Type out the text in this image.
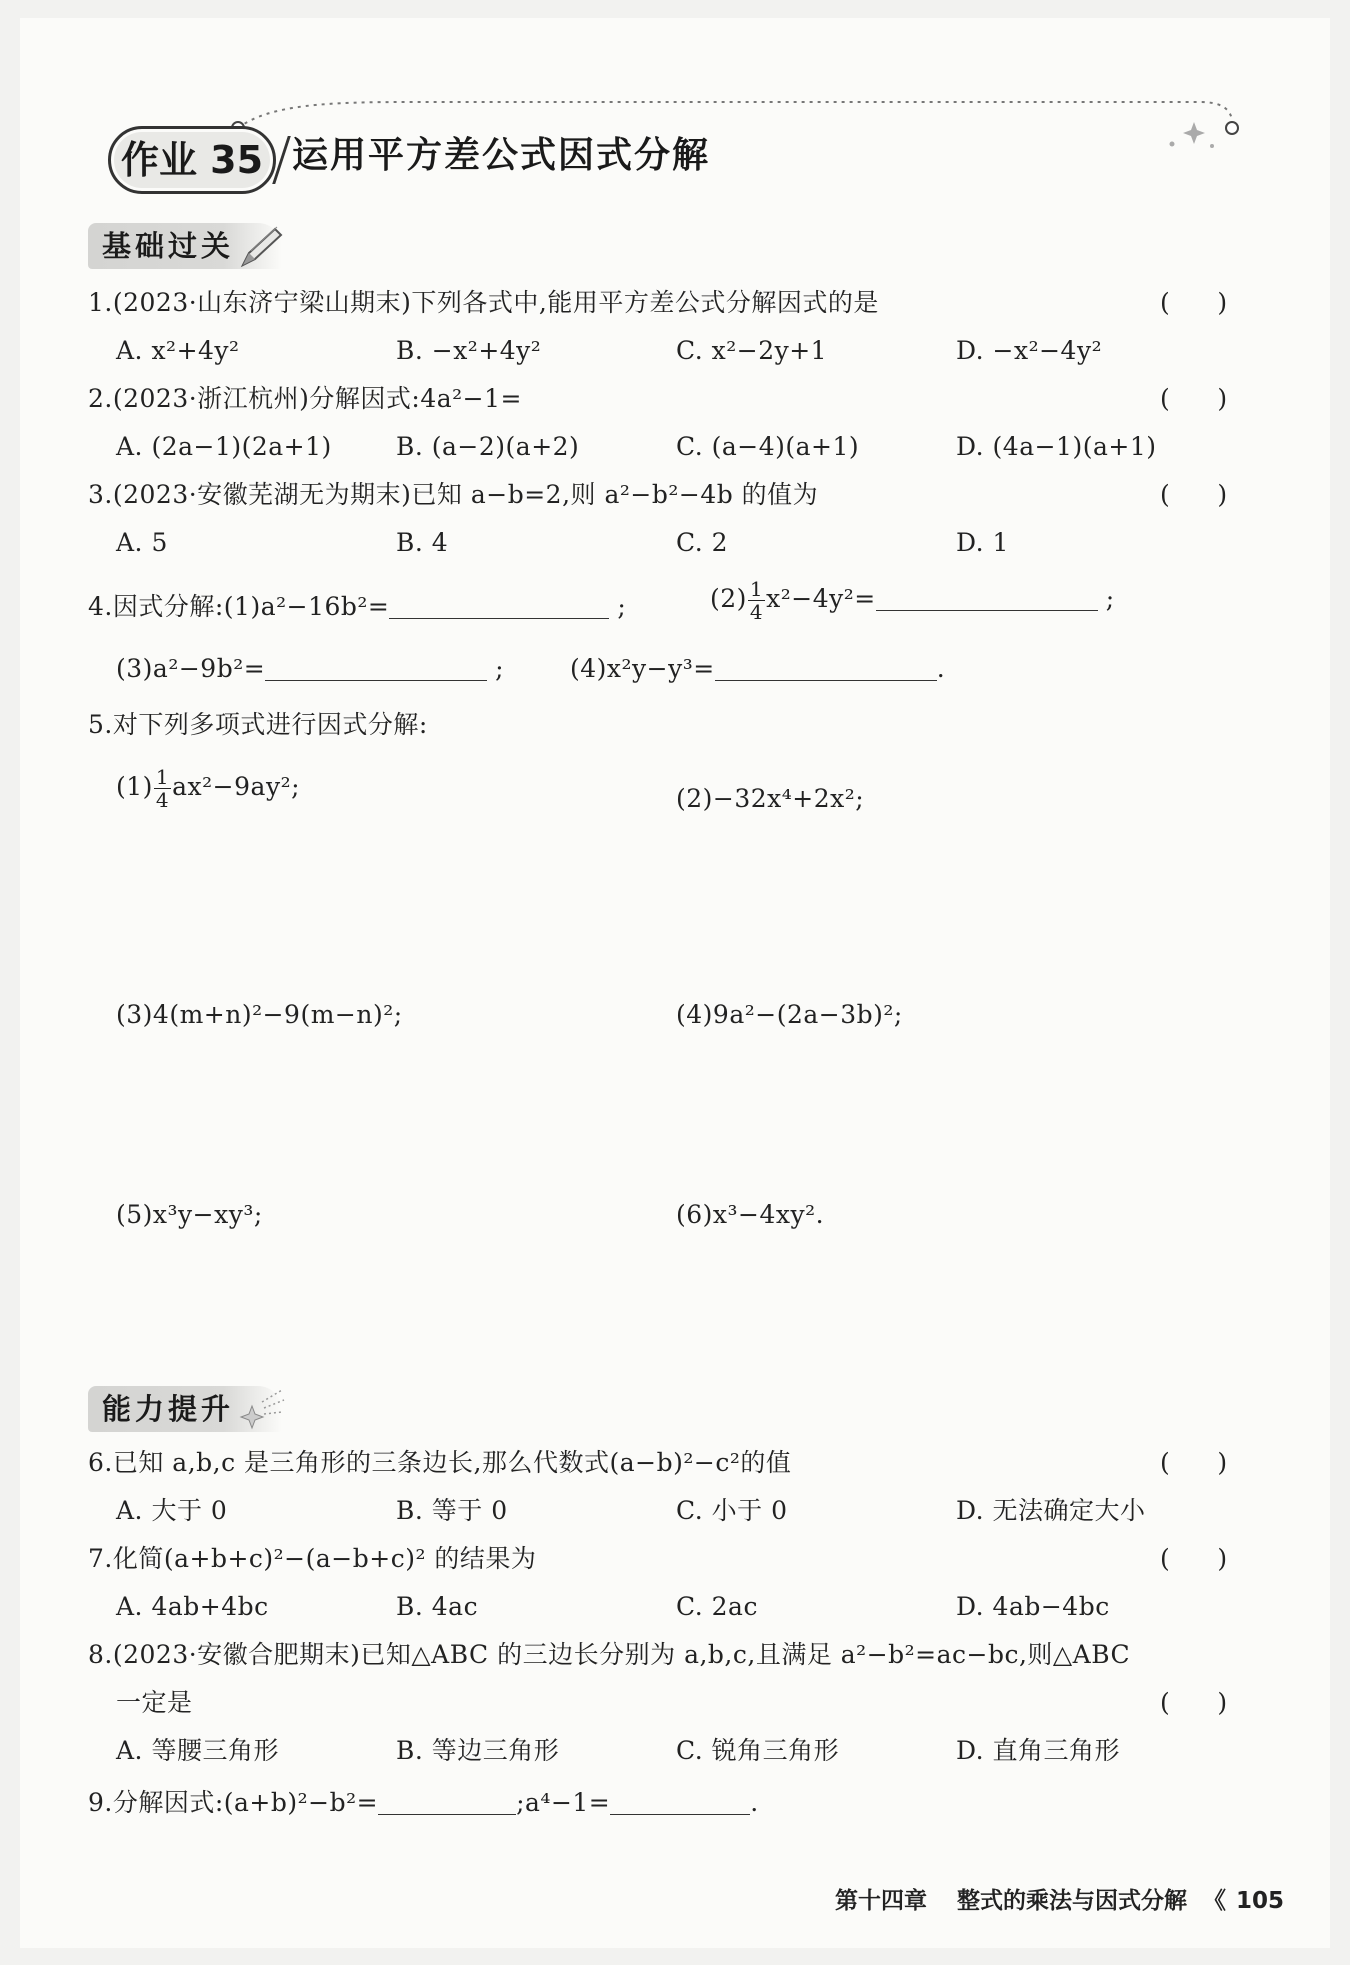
作业 35 运用平方差公式因式分解
基础过关
1.(2023·山东济宁梁山期末)下列各式中,能用平方差公式分解因式的是	(      )
A. x²+4y²	B. −x²+4y²	C. x²−2y+1	D. −x²−4y²
2.(2023·浙江杭州)分解因式:4a²−1=	(      )
A. (2a−1)(2a+1)	B. (a−2)(a+2)	C. (a−4)(a+1)	D. (4a−1)(a+1)
3.(2023·安徽芜湖无为期末)已知 a−b=2,则 a²−b²−4b 的值为	(      )
A. 5	B. 4	C. 2	D. 1
4.因式分解:(1)a²−16b²=	;	$(2) \frac{1}{4} x^2-4y^2=$	;
(3)a²−9b²=	;	(4)x²y−y³=	.
5.对下列多项式进行因式分解:
$(1) \frac{1}{4} ax^2-9ay^2$;	(2)−32x⁴+2x²;
(3)4(m+n)²−9(m−n)²;	(4)9a²−(2a−3b)²;
(5)x³y−xy³;	(6)x³−4xy².
能力提升
6.已知 a,b,c 是三角形的三条边长,那么代数式(a−b)²−c²的值	(      )
A. 大于 0	B. 等于 0	C. 小于 0	D. 无法确定大小
7.化简(a+b+c)²−(a−b+c)² 的结果为	(      )
A. 4ab+4bc	B. 4ac	C. 2ac	D. 4ab−4bc
8.(2023·安徽合肥期末)已知△ABC 的三边长分别为 a,b,c,且满足 a²−b²=ac−bc,则△ABC
一定是	(      )
A. 等腰三角形	B. 等边三角形	C. 锐角三角形	D. 直角三角形
9.分解因式:(a+b)²−b²=	;a⁴−1=	.
第十四章 整式的乘法与因式分解 《 105
